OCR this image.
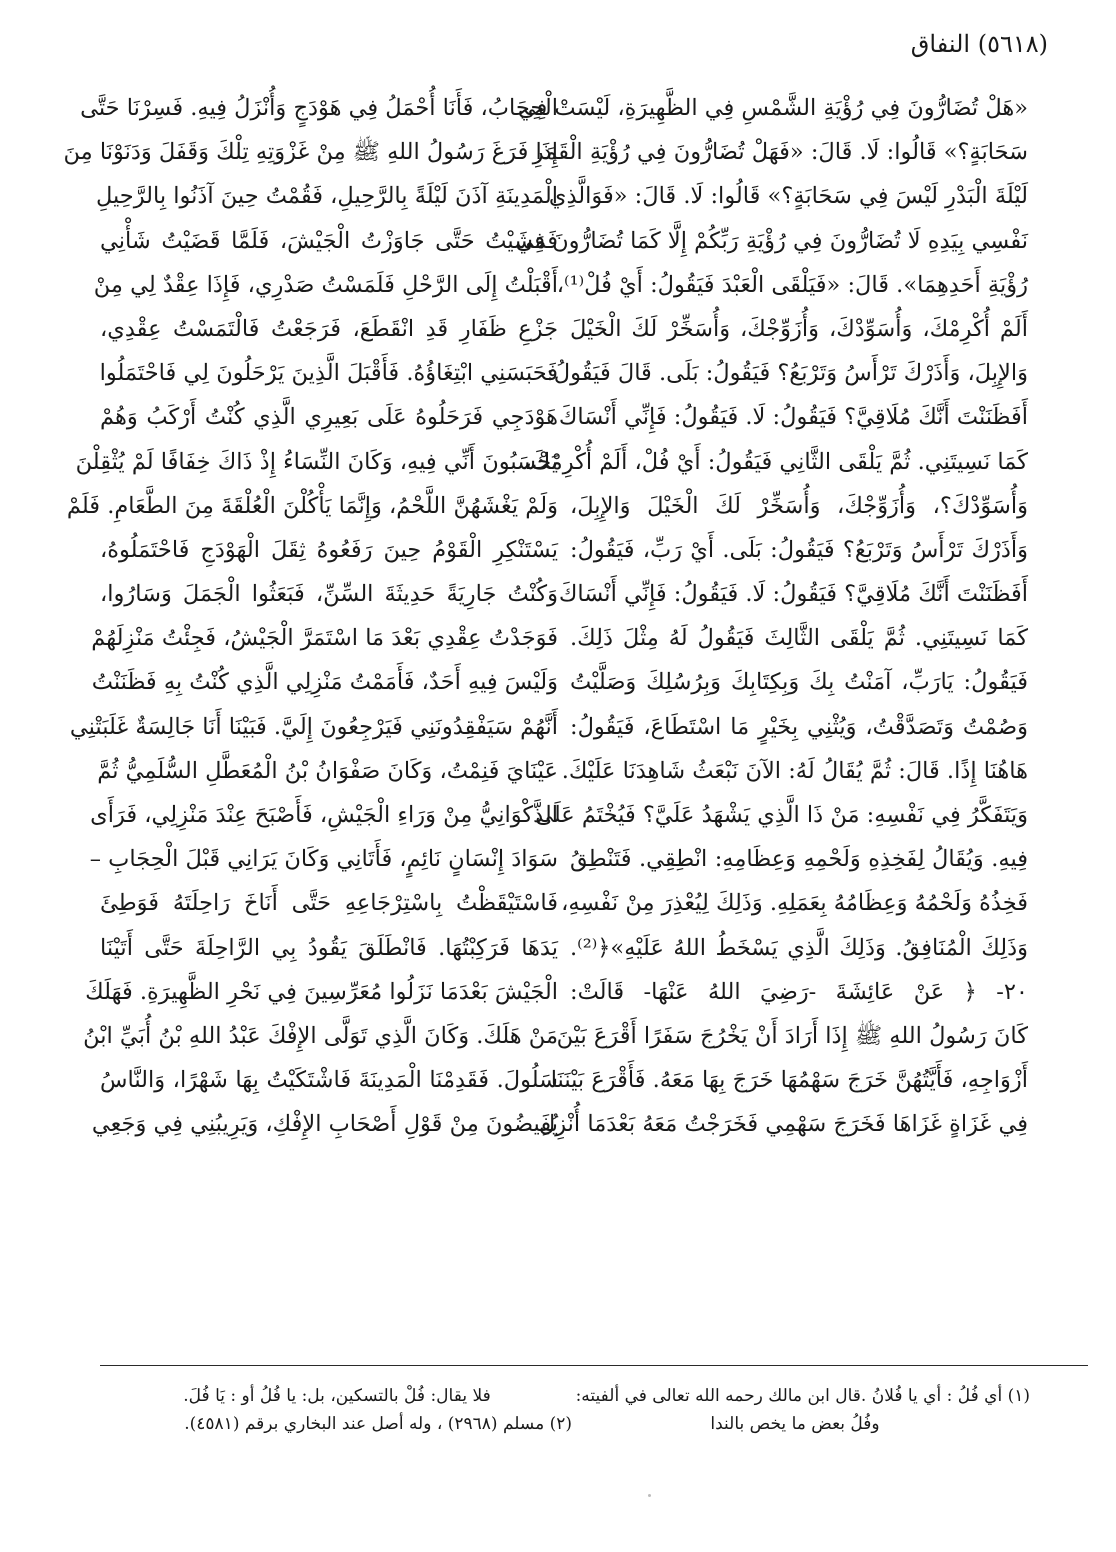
(٥٦١٨) النفاق
«هَلْ تُضَارُّونَ فِي رُؤْيَةِ الشَّمْسِ فِي الظَّهِيرَةِ، لَيْسَتْ فِي
سَحَابَةٍ؟» قَالُوا: لَا. قَالَ: «فَهَلْ تُضَارُّونَ فِي رُؤْيَةِ الْقَمَرِ
لَيْلَةَ الْبَدْرِ لَيْسَ فِي سَحَابَةٍ؟» قَالُوا: لَا. قَالَ: «فَوَالَّذِي
نَفْسِي بِيَدِهِ لَا تُضَارُّونَ فِي رُؤْيَةِ رَبِّكُمْ إِلَّا كَمَا تُضَارُّونَ فِي
رُؤْيَةِ أَحَدِهِمَا». قَالَ: «فَيَلْقَى الْعَبْدَ فَيَقُولُ: أَيْ فُلْ⁽¹⁾،
أَلَمْ أُكْرِمْكَ، وَأُسَوِّدْكَ، وَأُزَوِّجْكَ، وَأُسَخِّرْ لَكَ الْخَيْلَ
وَالإِبِلَ، وَأَذَرْكَ تَرْأَسُ وَتَرْبَعُ؟ فَيَقُولُ: بَلَى. قَالَ فَيَقُولُ:
أَفَظَنَنْتَ أَنَّكَ مُلَاقِيَّ؟ فَيَقُولُ: لَا. فَيَقُولُ: فَإِنِّي أَنْسَاكَ
كَمَا نَسِيتَنِي. ثُمَّ يَلْقَى الثَّانِي فَيَقُولُ: أَيْ فُلْ، أَلَمْ أُكْرِمْكَ،
وَأُسَوِّدْكَ؟، وَأُزَوِّجْكَ، وَأُسَخِّرْ لَكَ الْخَيْلَ وَالإِبِلَ،
وَأَذَرْكَ تَرْأَسُ وَتَرْبَعُ؟ فَيَقُولُ: بَلَى. أَيْ رَبِّ، فَيَقُولُ:
أَفَظَنَنْتَ أَنَّكَ مُلَاقِيَّ؟ فَيَقُولُ: لَا. فَيَقُولُ: فَإِنِّي أَنْسَاكَ
كَمَا نَسِيتَنِي. ثُمَّ يَلْقَى الثَّالِثَ فَيَقُولُ لَهُ مِثْلَ ذَلِكَ.
فَيَقُولُ: يَارَبِّ، آمَنْتُ بِكَ وَبِكِتَابِكَ وَبِرُسُلِكَ وَصَلَّيْتُ
وَصُمْتُ وَتَصَدَّقْتُ، وَيُثْنِي بِخَيْرٍ مَا اسْتَطَاعَ، فَيَقُولُ:
هَاهُنَا إِذًا. قَالَ: ثُمَّ يُقَالُ لَهُ: الآنَ نَبْعَثُ شَاهِدَنَا عَلَيْكَ.
وَيَتَفَكَّرُ فِي نَفْسِهِ: مَنْ ذَا الَّذِي يَشْهَدُ عَلَيَّ؟ فَيُخْتَمُ عَلَى
فِيهِ. وَيُقَالُ لِفَخِذِهِ وَلَحْمِهِ وَعِظَامِهِ: انْطِقِي. فَتَنْطِقُ
فَخِذُهُ وَلَحْمُهُ وَعِظَامُهُ بِعَمَلِهِ. وَذَلِكَ لِيُعْذِرَ مِنْ نَفْسِهِ،
وَذَلِكَ الْمُنَافِقُ. وَذَلِكَ الَّذِي يَسْخَطُ اللهُ عَلَيْهِ»﴿⁽²⁾.
٢٠- ﴿ عَنْ عَائِشَةَ -رَضِيَ اللهُ عَنْهَا- قَالَتْ:
كَانَ رَسُولُ اللهِ ﷺ إِذَا أَرَادَ أَنْ يَخْرُجَ سَفَرًا أَقْرَعَ بَيْنَ
أَزْوَاجِهِ، فَأَيَّتُهُنَّ خَرَجَ سَهْمُهَا خَرَجَ بِهَا مَعَهُ. فَأَقْرَعَ بَيْنَنَا
فِي غَزَاةٍ غَزَاهَا فَخَرَجَ سَهْمِي فَخَرَجْتُ مَعَهُ بَعْدَمَا أُنْزِلَ
الْحِجَابُ، فَأَنَا أُحْمَلُ فِي هَوْدَجٍ وَأُنْزَلُ فِيهِ. فَسِرْنَا حَتَّى
إِذَا فَرَغَ رَسُولُ اللهِ ﷺ مِنْ غَزْوَتِهِ تِلْكَ وَقَفَلَ وَدَنَوْنَا مِنَ
الْمَدِينَةِ آذَنَ لَيْلَةً بِالرَّحِيلِ، فَقُمْتُ حِينَ آذَنُوا بِالرَّحِيلِ
فَمَشَيْتُ حَتَّى جَاوَزْتُ الْجَيْشَ، فَلَمَّا قَضَيْتُ شَأْنِي
أَقْبَلْتُ إِلَى الرَّحْلِ فَلَمَسْتُ صَدْرِي، فَإِذَا عِقْدٌ لِي مِنْ
جَزْعِ ظَفَارِ قَدِ انْقَطَعَ، فَرَجَعْتُ فَالْتَمَسْتُ عِقْدِي،
فَحَبَسَنِي ابْتِغَاؤُهُ. فَأَقْبَلَ الَّذِينَ يَرْحَلُونَ لِي فَاحْتَمَلُوا
هَوْدَجِي فَرَحَلُوهُ عَلَى بَعِيرِي الَّذِي كُنْتُ أَرْكَبُ وَهُمْ
يَحْسَبُونَ أَنِّي فِيهِ، وَكَانَ النِّسَاءُ إِذْ ذَاكَ خِفَافًا لَمْ يُثْقِلْنَ
وَلَمْ يَغْشَهُنَّ اللَّحْمُ، وَإِنَّمَا يَأْكُلْنَ الْعُلْقَةَ مِنَ الطَّعَامِ. فَلَمْ
يَسْتَنْكِرِ الْقَوْمُ حِينَ رَفَعُوهُ ثِقَلَ الْهَوْدَجِ فَاحْتَمَلُوهُ،
وَكُنْتُ جَارِيَةً حَدِيثَةَ السِّنِّ، فَبَعَثُوا الْجَمَلَ وَسَارُوا،
فَوَجَدْتُ عِقْدِي بَعْدَ مَا اسْتَمَرَّ الْجَيْشُ، فَجِئْتُ مَنْزِلَهُمْ
وَلَيْسَ فِيهِ أَحَدٌ، فَأَمَمْتُ مَنْزِلِي الَّذِي كُنْتُ بِهِ فَظَنَنْتُ
أَنَّهُمْ سَيَفْقِدُونَنِي فَيَرْجِعُونَ إِلَيَّ. فَبَيْنَا أَنَا جَالِسَةٌ غَلَبَتْنِي
عَيْنَايَ فَنِمْتُ، وَكَانَ صَفْوَانُ بْنُ الْمُعَطَّلِ السُّلَمِيُّ ثُمَّ
الذَّكْوَانِيُّ مِنْ وَرَاءِ الْجَيْشِ، فَأَصْبَحَ عِنْدَ مَنْزِلِي، فَرَأَى
سَوَادَ إِنْسَانٍ نَائِمٍ، فَأَتَانِي وَكَانَ يَرَانِي قَبْلَ الْحِجَابِ –
فَاسْتَيْقَظْتُ بِاسْتِرْجَاعِهِ حَتَّى أَنَاخَ رَاحِلَتَهُ فَوَطِئَ
يَدَهَا فَرَكِبْتُهَا. فَانْطَلَقَ يَقُودُ بِي الرَّاحِلَةَ حَتَّى أَتَيْنَا
الْجَيْشَ بَعْدَمَا نَزَلُوا مُعَرِّسِينَ فِي نَحْرِ الظَّهِيرَةِ. فَهَلَكَ
مَنْ هَلَكَ. وَكَانَ الَّذِي تَوَلَّى الإِفْكَ عَبْدُ اللهِ بْنُ أُبَيِّ ابْنُ
سَلُولَ. فَقَدِمْنَا الْمَدِينَةَ فَاشْتَكَيْتُ بِهَا شَهْرًا، وَالنَّاسُ
يُفِيضُونَ مِنْ قَوْلِ أَصْحَابِ الإِفْكِ، وَيَرِيبُنِي فِي وَجَعِي
(١) أي فُلُ : أي يا فُلانُ .قال ابن مالك رحمه الله تعالى في ألفيته:
وفُلُ بعض ما يخص بالندا
فلا يقال: فُلْ بالتسكين، بل: يا فُلُ أو : يَا فُلَ.
(٢) مسلم (٢٩٦٨) ، وله أصل عند البخاري برقم (٤٥٨١).
